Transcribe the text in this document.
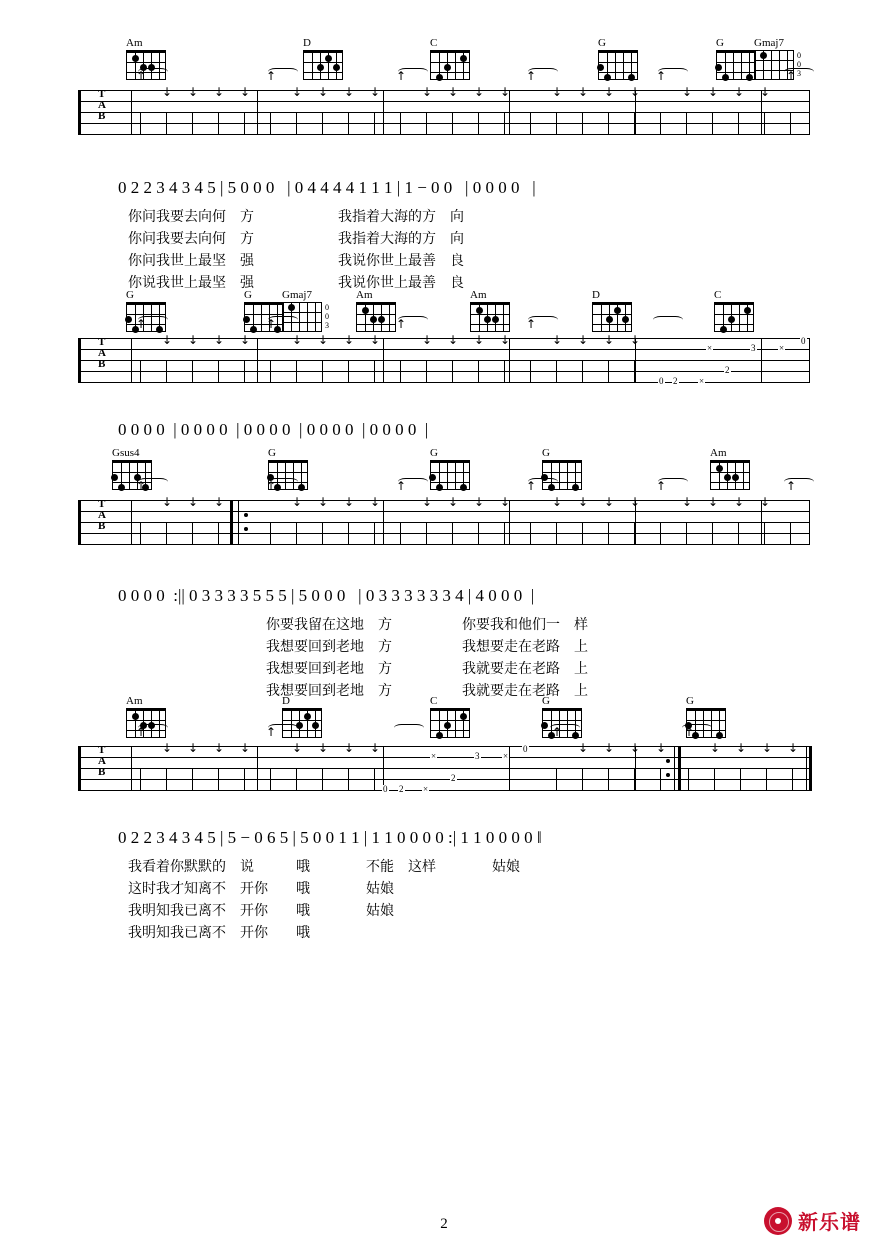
Am	D	C	G	G	Gmaj7
0
0
3
T
A
B
↑
↓ ↓ ↓ ↓
↑
↓ ↓ ↓ ↓
↑
↓ ↓ ↓ ↓
↑
↓ ↓ ↓ ↓
↑
↓ ↓ ↓ ↓
↑
0 2 2 3 4 3 4 5 | 5 0 0 0   | 0 4 4 4 4 1 1 1 | 1 − 0 0   | 0 0 0 0   |
你问我要去向何　方　　　　　　我指着大海的方　向
你问我要去向何　方　　　　　　我指着大海的方　向
你问我世上最坚　强　　　　　　我说你世上最善　良
你说我世上最坚　强　　　　　　我说你世上最善　良
G	G	Gmaj7
0
0
3
Am	Am	D	C
T
A
B
↑
↓ ↓ ↓ ↓
↑
↓ ↓ ↓ ↓
↑
↓ ↓ ↓ ↓
↑
↓ ↓ ↓ ↓
0 2 ×
2
3
×	×
0
0 0 0 0  | 0 0 0 0  | 0 0 0 0  | 0 0 0 0  | 0 0 0 0  |
Gsus4	G	G	G	Am
T
A
B
↑
↓ ↓ ↓
↑
↓ ↓ ↓ ↓
↑
↓ ↓ ↓ ↓
↑
↓ ↓ ↓ ↓
↑
↓ ↓ ↓ ↓
↑
0 0 0 0  :|| 0 3 3 3 3 5 5 5 | 5 0 0 0   | 0 3 3 3 3 3 3 4 | 4 0 0 0  |
你要我留在这地　方　　　　　你要我和他们一　样
我想要回到老地　方　　　　　我想要走在老路　上
我想要回到老地　方　　　　　我就要走在老路　上
我想要回到老地　方　　　　　我就要走在老路　上
Am	D	C	G	G
T
A
B
↑
↓ ↓ ↓ ↓
↑
↓ ↓ ↓ ↓
↑
↓ ↓ ↓ ↓
↑
↓ ↓ ↓ ↓
0 2 ×
2
×	3	×
0
0 2 2 3 4 3 4 5 | 5 − 0 6 5 | 5 0 0 1 1 | 1 1 0 0 0 0 :| 1 1 0 0 0 0 ‖
我看着你默默的　说　　　哦　　　　不能　这样　　　　姑娘
这时我才知离不　开你　　哦　　　　姑娘
我明知我已离不　开你　　哦　　　　姑娘
我明知我已离不　开你　　哦
2	新乐谱
